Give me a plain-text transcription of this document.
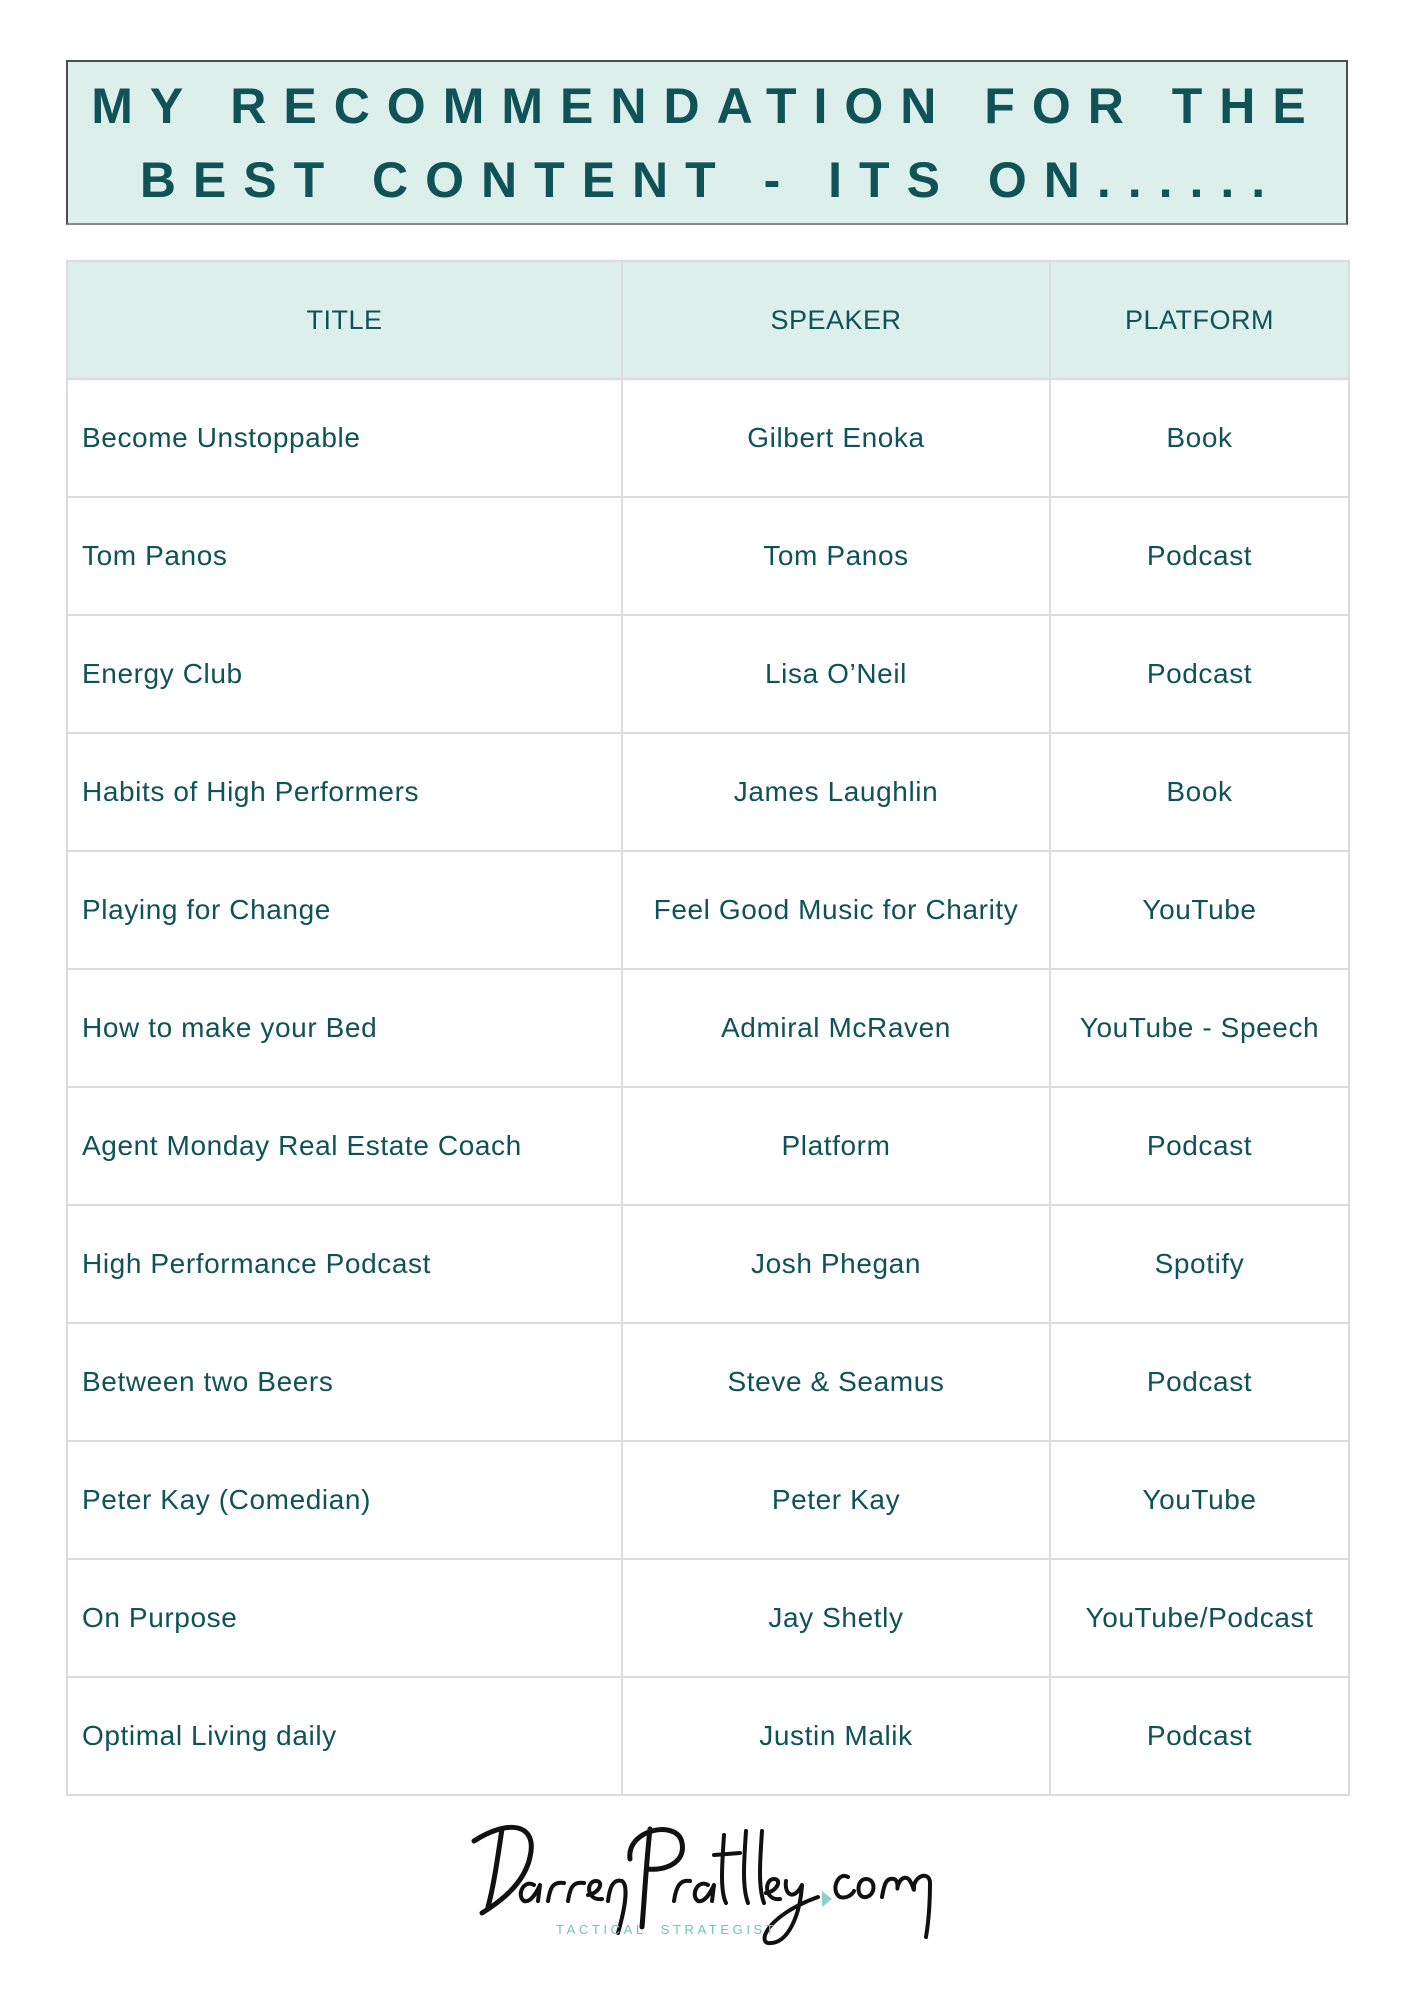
MY RECOMMENDATION FOR THE
BEST CONTENT - ITS ON......
TITLE	SPEAKER	PLATFORM
Become Unstoppable	Gilbert Enoka	Book
Tom Panos	Tom Panos	Podcast
Energy Club	Lisa O’Neil	Podcast
Habits of High Performers	James Laughlin	Book
Playing for Change	Feel Good Music for Charity	YouTube
How to make your Bed	Admiral McRaven	YouTube - Speech
Agent Monday Real Estate Coach	Platform	Podcast
High Performance Podcast	Josh Phegan	Spotify
Between two Beers	Steve & Seamus	Podcast
Peter Kay (Comedian)	Peter Kay	YouTube
On Purpose	Jay Shetly	YouTube/Podcast
Optimal Living daily	Justin Malik	Podcast
TACTICAL STRATEGIST
